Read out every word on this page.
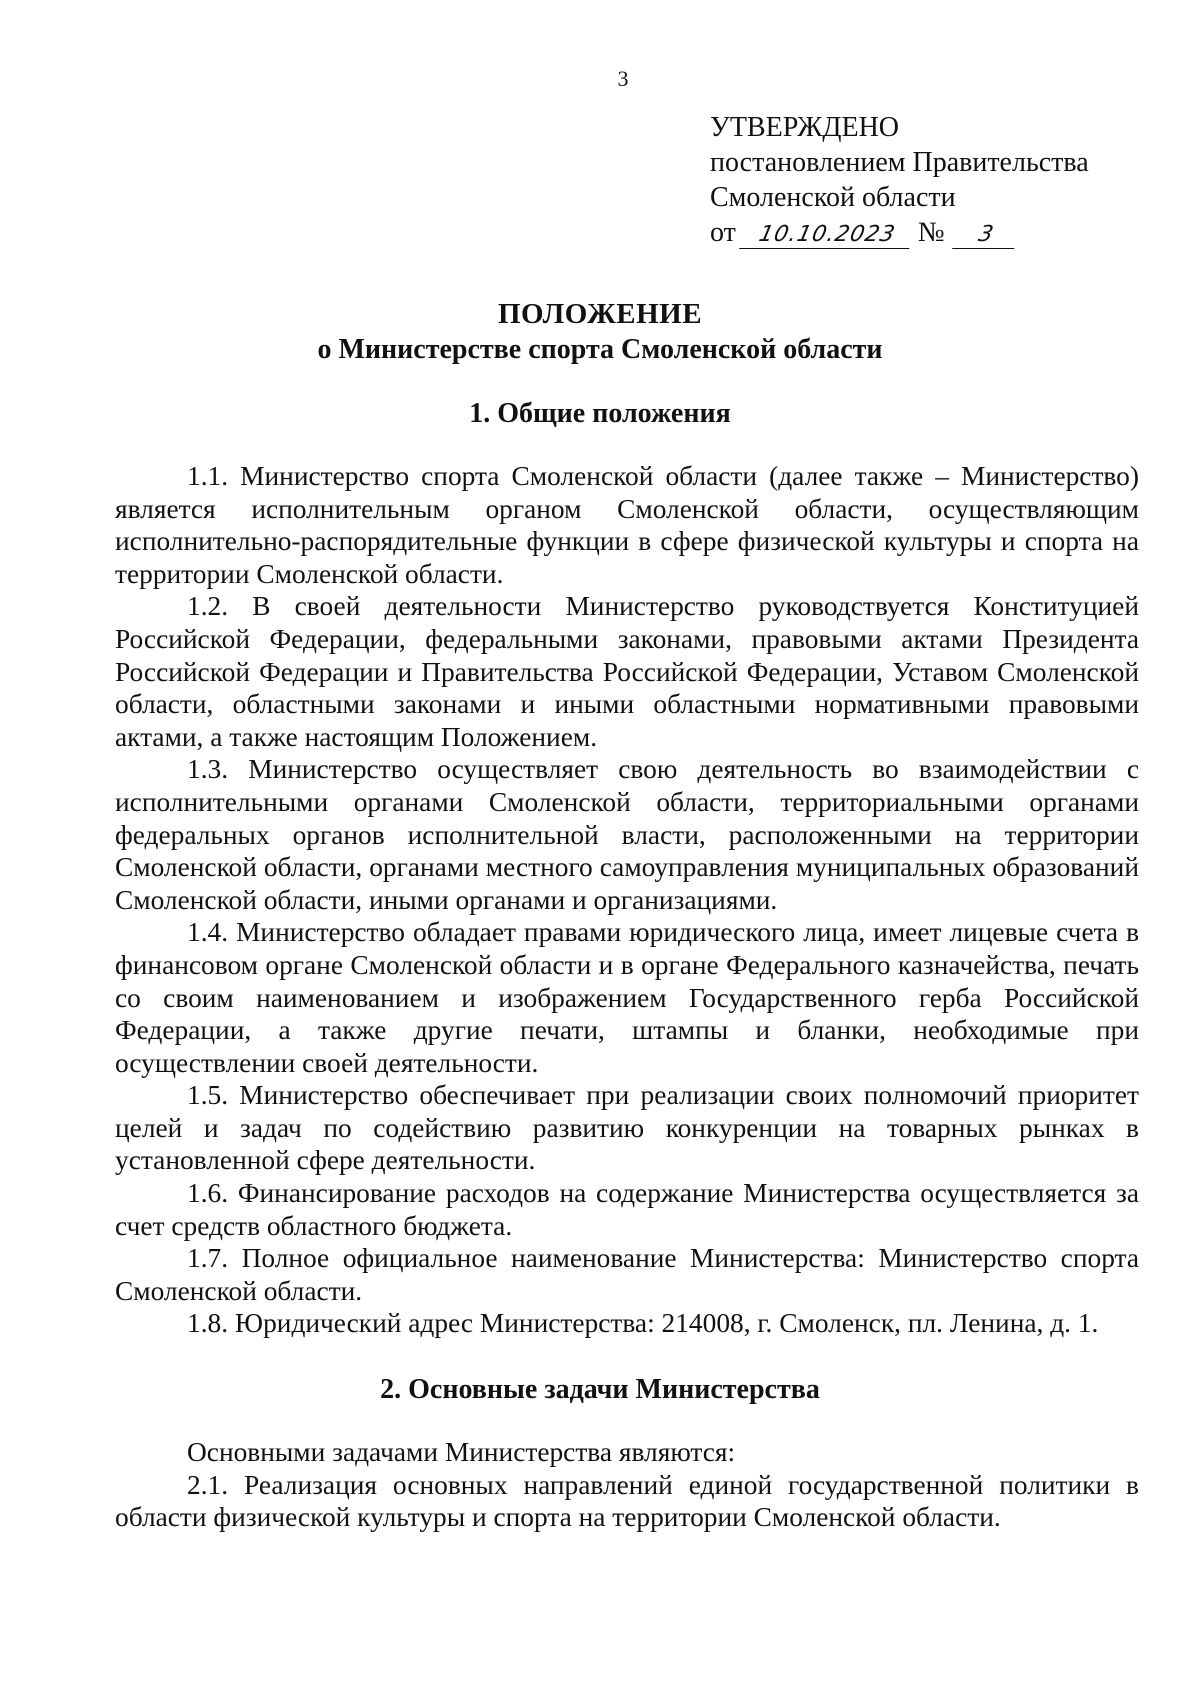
3
УТВЕРЖДЕНО
постановлением Правительства
Смоленской области
от 10.10.2023 № 3
ПОЛОЖЕНИЕ
о Министерстве спорта Смоленской области
1. Общие положения

1.1. Министерство спорта Смоленской области (далее также – Министерство) является исполнительным органом Смоленской области, осуществляющим исполнительно-распорядительные функции в сфере физической культуры и спорта на территории Смоленской области.

1.2. В своей деятельности Министерство руководствуется Конституцией Российской Федерации, федеральными законами, правовыми актами Президента Российской Федерации и Правительства Российской Федерации, Уставом Смоленской области, областными законами и иными областными нормативными правовыми актами, а также настоящим Положением.

1.3. Министерство осуществляет свою деятельность во взаимодействии с исполнительными органами Смоленской области, территориальными органами федеральных органов исполнительной власти, расположенными на территории Смоленской области, органами местного самоуправления муниципальных образований Смоленской области, иными органами и организациями.

1.4. Министерство обладает правами юридического лица, имеет лицевые счета в финансовом органе Смоленской области и в органе Федерального казначейства, печать со своим наименованием и изображением Государственного герба Российской Федерации, а также другие печати, штампы и бланки, необходимые при осуществлении своей деятельности.

1.5. Министерство обеспечивает при реализации своих полномочий приоритет целей и задач по содействию развитию конкуренции на товарных рынках в установленной сфере деятельности.

1.6. Финансирование расходов на содержание Министерства осуществляется за счет средств областного бюджета.

1.7. Полное официальное наименование Министерства: Министерство спорта Смоленской области.

1.8. Юридический адрес Министерства: 214008, г. Смоленск, пл. Ленина, д. 1.

2. Основные задачи Министерства

Основными задачами Министерства являются:

2.1. Реализация основных направлений единой государственной политики в области физической культуры и спорта на территории Смоленской области.
